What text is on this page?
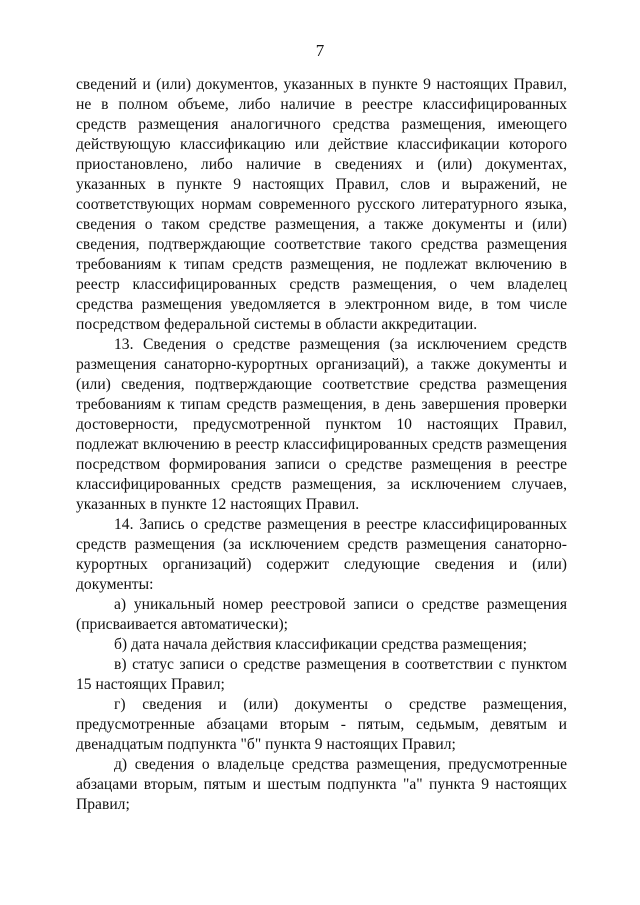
7

сведений и (или) документов, указанных в пункте 9 настоящих Правил, не в полном объеме, либо наличие в реестре классифицированных средств размещения аналогичного средства размещения, имеющего действующую классификацию или действие классификации которого приостановлено, либо наличие в сведениях и (или) документах, указанных в пункте 9 настоящих Правил, слов и выражений, не соответствующих нормам современного русского литературного языка, сведения о таком средстве размещения, а также документы и (или) сведения, подтверждающие соответствие такого средства размещения требованиям к типам средств размещения, не подлежат включению в реестр классифицированных средств размещения, о чем владелец средства размещения уведомляется в электронном виде, в том числе посредством федеральной системы в области аккредитации.

13. Сведения о средстве размещения (за исключением средств размещения санаторно-курортных организаций), а также документы и (или) сведения, подтверждающие соответствие средства размещения требованиям к типам средств размещения, в день завершения проверки достоверности, предусмотренной пунктом 10 настоящих Правил, подлежат включению в реестр классифицированных средств размещения посредством формирования записи о средстве размещения в реестре классифицированных средств размещения, за исключением случаев, указанных в пункте 12 настоящих Правил.

14. Запись о средстве размещения в реестре классифицированных средств размещения (за исключением средств размещения санаторно-курортных организаций) содержит следующие сведения и (или) документы:

а) уникальный номер реестровой записи о средстве размещения (присваивается автоматически);

б) дата начала действия классификации средства размещения;

в) статус записи о средстве размещения в соответствии с пунктом 15 настоящих Правил;

г) сведения и (или) документы о средстве размещения, предусмотренные абзацами вторым - пятым, седьмым, девятым и двенадцатым подпункта "б" пункта 9 настоящих Правил;

д) сведения о владельце средства размещения, предусмотренные абзацами вторым, пятым и шестым подпункта "а" пункта 9 настоящих Правил;
